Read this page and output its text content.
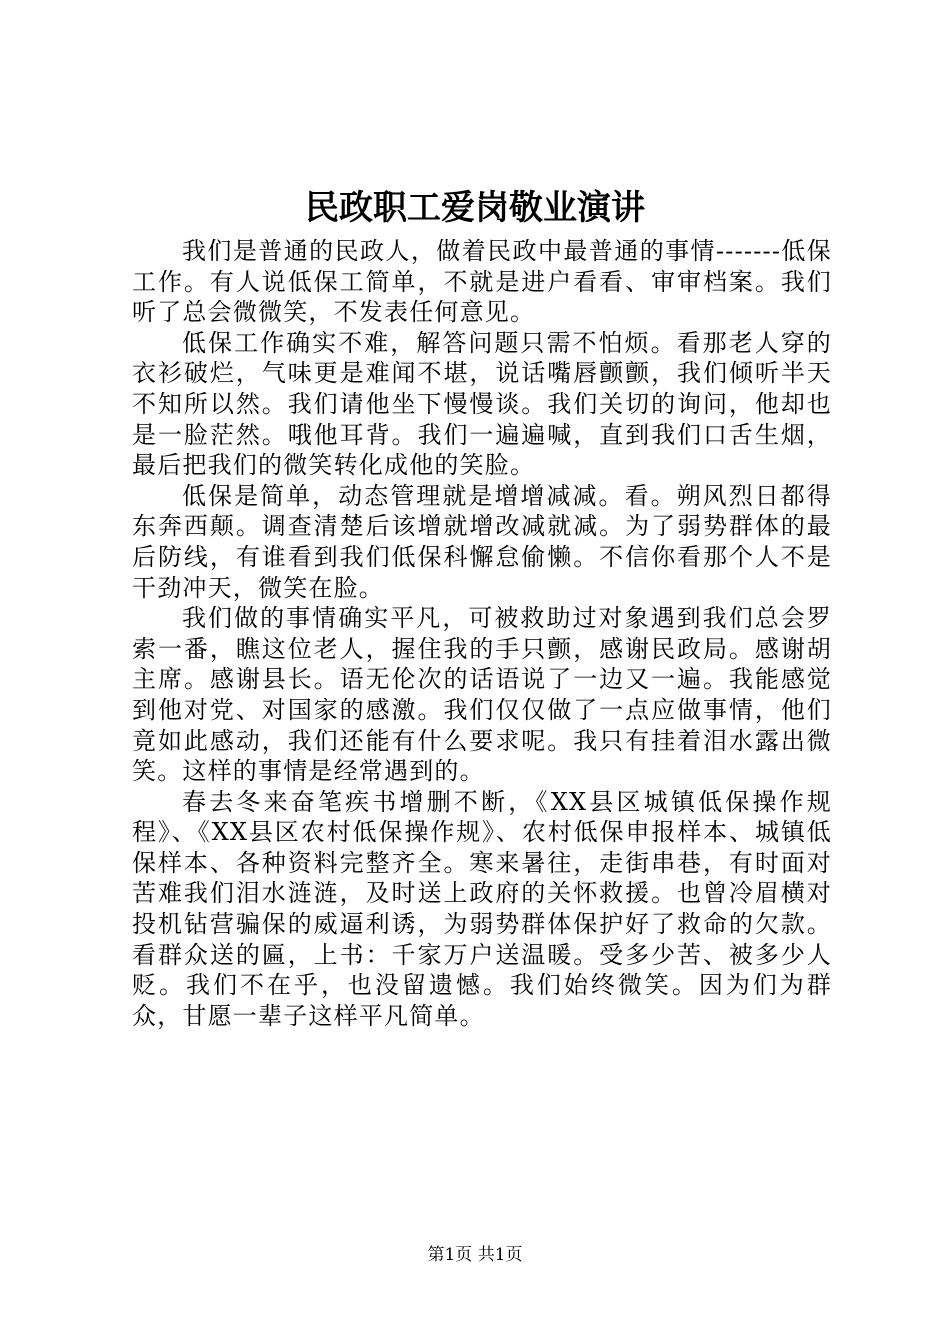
民政职工爱岗敬业演讲

我们是普通的民政人，做着民政中最普通的事情-------低保工作。有人说低保工简单，不就是进户看看、审审档案。我们听了总会微微笑，不发表任何意见。

低保工作确实不难，解答问题只需不怕烦。看那老人穿的衣衫破烂，气味更是难闻不堪，说话嘴唇颤颤，我们倾听半天不知所以然。我们请他坐下慢慢谈。我们关切的询问，他却也是一脸茫然。哦他耳背。我们一遍遍喊，直到我们口舌生烟，最后把我们的微笑转化成他的笑脸。

低保是简单，动态管理就是增增减减。看。朔风烈日都得东奔西颠。调查清楚后该增就增改减就减。为了弱势群体的最后防线，有谁看到我们低保科懈怠偷懒。不信你看那个人不是干劲冲天，微笑在脸。

我们做的事情确实平凡，可被救助过对象遇到我们总会罗索一番，瞧这位老人，握住我的手只颤，感谢民政局。感谢胡主席。感谢县长。语无伦次的话语说了一边又一遍。我能感觉到他对党、对国家的感激。我们仅仅做了一点应做事情，他们竟如此感动，我们还能有什么要求呢。我只有挂着泪水露出微笑。这样的事情是经常遇到的。

春去冬来奋笔疾书增删不断，《XX县区城镇低保操作规程》、《XX县区农村低保操作规》、农村低保申报样本、城镇低保样本、各种资料完整齐全。寒来暑往，走街串巷，有时面对苦难我们泪水涟涟，及时送上政府的关怀救援。也曾冷眉横对投机钻营骗保的威逼利诱，为弱势群体保护好了救命的欠款。看群众送的匾，上书：千家万户送温暖。受多少苦、被多少人贬。我们不在乎，也没留遗憾。我们始终微笑。因为们为群众，甘愿一辈子这样平凡简单。

第1页 共1页
